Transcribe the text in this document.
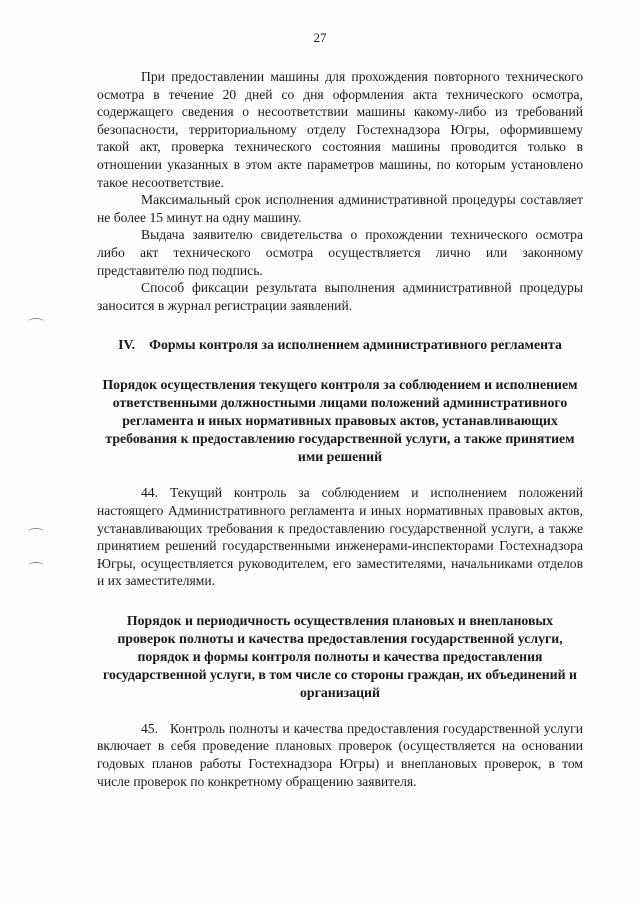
27

При предоставлении машины для прохождения повторного технического осмотра в течение 20 дней со дня оформления акта технического осмотра, содержащего сведения о несоответствии машины какому-либо из требований безопасности, территориальному отделу Гостехнадзора Югры, оформившему такой акт, проверка технического состояния машины проводится только в отношении указанных в этом акте параметров машины, по которым установлено такое несоответствие.

Максимальный срок исполнения административной процедуры составляет не более 15 минут на одну машину.

Выдача заявителю свидетельства о прохождении технического осмотра либо акт технического осмотра осуществляется лично или законному представителю под подпись.

Способ фиксации результата выполнения административной процедуры заносится в журнал регистрации заявлений.

IV. Формы контроля за исполнением административного регламента
Порядок осуществления текущего контроля за соблюдением и исполнением ответственными должностными лицами положений административного регламента и иных нормативных правовых актов, устанавливающих требования к предоставлению государственной услуги, а также принятием ими решений

44. Текущий контроль за соблюдением и исполнением положений настоящего Административного регламента и иных нормативных правовых актов, устанавливающих требования к предоставлению государственной услуги, а также принятием решений государственными инженерами-инспекторами Гостехнадзора Югры, осуществляется руководителем, его заместителями, начальниками отделов и их заместителями.

Порядок и периодичность осуществления плановых и внеплановых проверок полноты и качества предоставления государственной услуги, порядок и формы контроля полноты и качества предоставления государственной услуги, в том числе со стороны граждан, их объединений и организаций

45. Контроль полноты и качества предоставления государственной услуги включает в себя проведение плановых проверок (осуществляется на основании годовых планов работы Гостехнадзора Югры) и внеплановых проверок, в том числе проверок по конкретному обращению заявителя.
